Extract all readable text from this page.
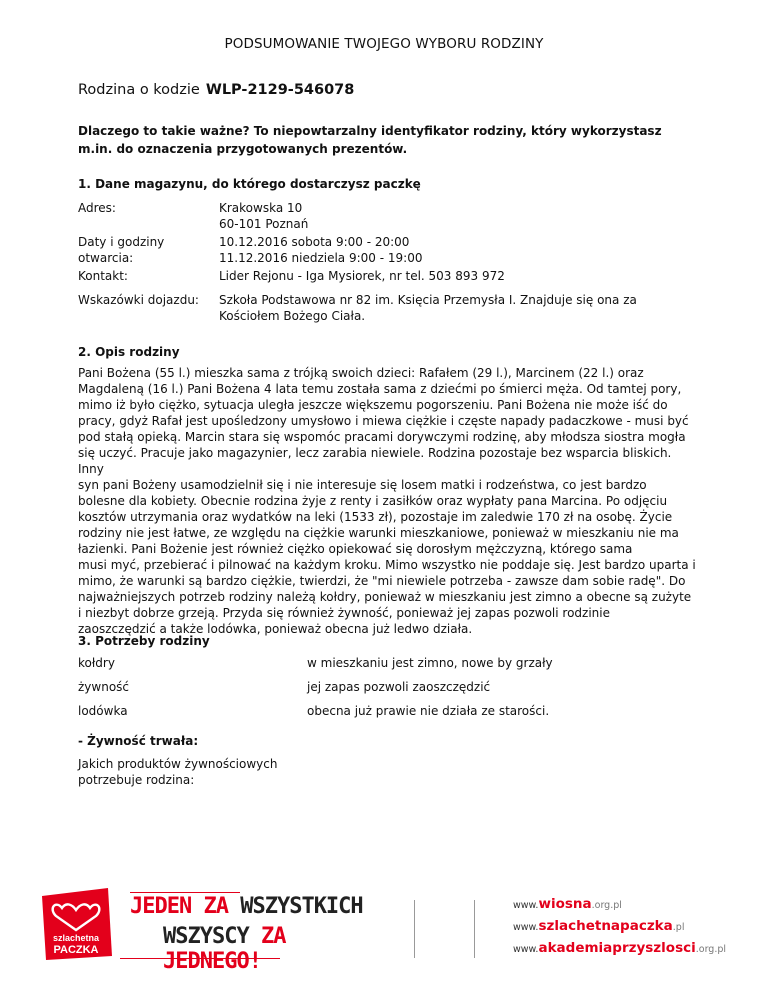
PODSUMOWANIE TWOJEGO WYBORU RODZINY
Rodzina o kodzie WLP-2129-546078
Dlaczego to takie ważne? To niepowtarzalny identyfikator rodziny, który wykorzystasz m.in. do oznaczenia przygotowanych prezentów.
1. Dane magazynu, do którego dostarczysz paczkę
Adres:	Krakowska 10
60-101 Poznań
Daty i godziny otwarcia:
10.12.2016 sobota 9:00 - 20:00
11.12.2016 niedziela 9:00 - 19:00
Kontakt:	Lider Rejonu - Iga Mysiorek, nr tel. 503 893 972
Wskazówki dojazdu:	Szkoła Podstawowa nr 82 im. Księcia Przemysła I. Znajduje się ona za
Kościołem Bożego Ciała.
2. Opis rodziny
Pani Bożena (55 l.) mieszka sama z trójką swoich dzieci: Rafałem (29 l.), Marcinem (22 l.) oraz
Magdaleną (16 l.) Pani Bożena 4 lata temu została sama z dziećmi po śmierci męża. Od tamtej pory,
mimo iż było ciężko, sytuacja uległa jeszcze większemu pogorszeniu. Pani Bożena nie może iść do
pracy, gdyż Rafał jest upośledzony umysłowo i miewa ciężkie i częste napady padaczkowe - musi być
pod stałą opieką. Marcin stara się wspomóc pracami dorywczymi rodzinę, aby młodsza siostra mogła
się uczyć. Pracuje jako magazynier, lecz zarabia niewiele. Rodzina pozostaje bez wsparcia bliskich. Inny
syn pani Bożeny usamodzielnił się i nie interesuje się losem matki i rodzeństwa, co jest bardzo
bolesne dla kobiety. Obecnie rodzina żyje z renty i zasiłków oraz wypłaty pana Marcina. Po odjęciu
kosztów utrzymania oraz wydatków na leki (1533 zł), pozostaje im zaledwie 170 zł na osobę. Życie
rodziny nie jest łatwe, ze względu na ciężkie warunki mieszkaniowe, ponieważ w mieszkaniu nie ma
łazienki. Pani Bożenie jest również ciężko opiekować się dorosłym mężczyzną, którego sama
musi myć, przebierać i pilnować na każdym kroku. Mimo wszystko nie poddaje się. Jest bardzo uparta i
mimo, że warunki są bardzo ciężkie, twierdzi, że "mi niewiele potrzeba - zawsze dam sobie radę". Do
najważniejszych potrzeb rodziny należą kołdry, ponieważ w mieszkaniu jest zimno a obecne są zużyte
i niezbyt dobrze grzeją. Przyda się również żywność, ponieważ jej zapas pozwoli rodzinie
zaoszczędzić a także lodówka, ponieważ obecna już ledwo działa.
3. Potrzeby rodziny
kołdry	w mieszkaniu jest zimno, nowe by grzały
żywność	jej zapas pozwoli zaoszczędzić
lodówka	obecna już prawie nie działa ze starości.
- Żywność trwała:
Jakich produktów żywnościowych
potrzebuje rodzina:
szlachetna
PACZKA
JEDEN ZA WSZYSTKICH
WSZYSCY ZA JEDNEGO!
www.wiosna.org.pl
www.szlachetnapaczka.pl
www.akademiaprzyszlosci.org.pl
